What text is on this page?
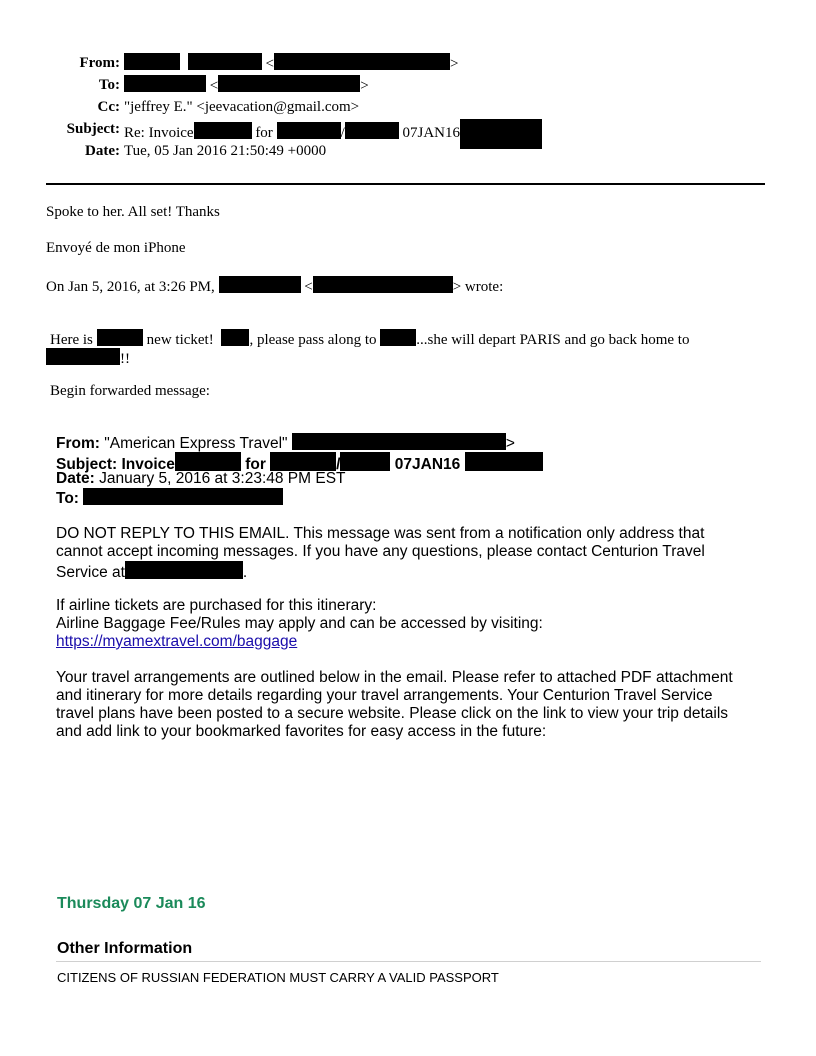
From:	<	>
To:	<	>
Cc: "jeffrey E." <jeevacation@gmail.com>
Subject: Re: Invoice	for	/	07JAN16
Date: Tue, 05 Jan 2016 21:50:49 +0000
Spoke to her. All set! Thanks
Envoyé de mon iPhone
On Jan 5, 2016, at 3:26 PM,	<	> wrote:
Here is	new ticket! , please pass along to	...she will depart PARIS and go back home to
!!
Begin forwarded message:
From: "American Express Travel"	>
Subject: Invoice	for	/	07JAN16
Date: January 5, 2016 at 3:23:48 PM EST
To:
DO NOT REPLY TO THIS EMAIL. This message was sent from a notification only address that
cannot accept incoming messages. If you have any questions, please contact Centurion Travel
Service at	.
If airline tickets are purchased for this itinerary:
Airline Baggage Fee/Rules may apply and can be accessed by visiting:
https://myamextravel.com/baggage
Your travel arrangements are outlined below in the email. Please refer to attached PDF attachment
and itinerary for more details regarding your travel arrangements. Your Centurion Travel Service
travel plans have been posted to a secure website. Please click on the link to view your trip details
and add link to your bookmarked favorites for easy access in the future:
Thursday 07 Jan 16
Other Information
CITIZENS OF RUSSIAN FEDERATION MUST CARRY A VALID PASSPORT
